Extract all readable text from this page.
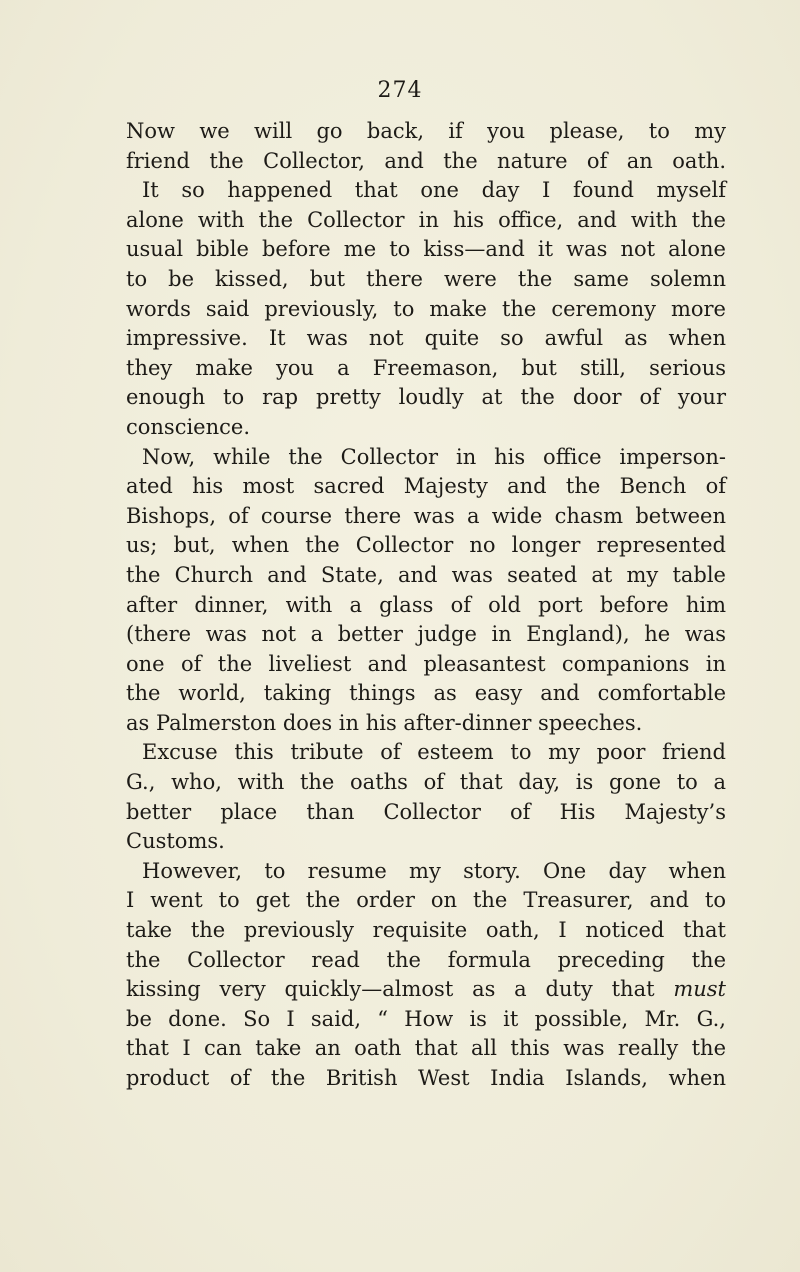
274
Now we will go back, if you please, to my
friend the Collector, and the nature of an oath.
It so happened that one day I found myself
alone with the Collector in his office, and with the
usual bible before me to kiss—and it was not alone
to be kissed, but there were the same solemn
words said previously, to make the ceremony more
impressive. It was not quite so awful as when
they make you a Freemason, but still, serious
enough to rap pretty loudly at the door of your
conscience.
Now, while the Collector in his office imperson-
ated his most sacred Majesty and the Bench of
Bishops, of course there was a wide chasm between
us; but, when the Collector no longer represented
the Church and State, and was seated at my table
after dinner, with a glass of old port before him
(there was not a better judge in England), he was
one of the liveliest and pleasantest companions in
the world, taking things as easy and comfortable
as Palmerston does in his after-dinner speeches.
Excuse this tribute of esteem to my poor friend
G., who, with the oaths of that day, is gone to a
better place than Collector of His Majesty’s
Customs.
However, to resume my story. One day when
I went to get the order on the Treasurer, and to
take the previously requisite oath, I noticed that
the Collector read the formula preceding the
kissing very quickly—almost as a duty that must
be done. So I said, “ How is it possible, Mr. G.,
that I can take an oath that all this was really the
product of the British West India Islands, when
